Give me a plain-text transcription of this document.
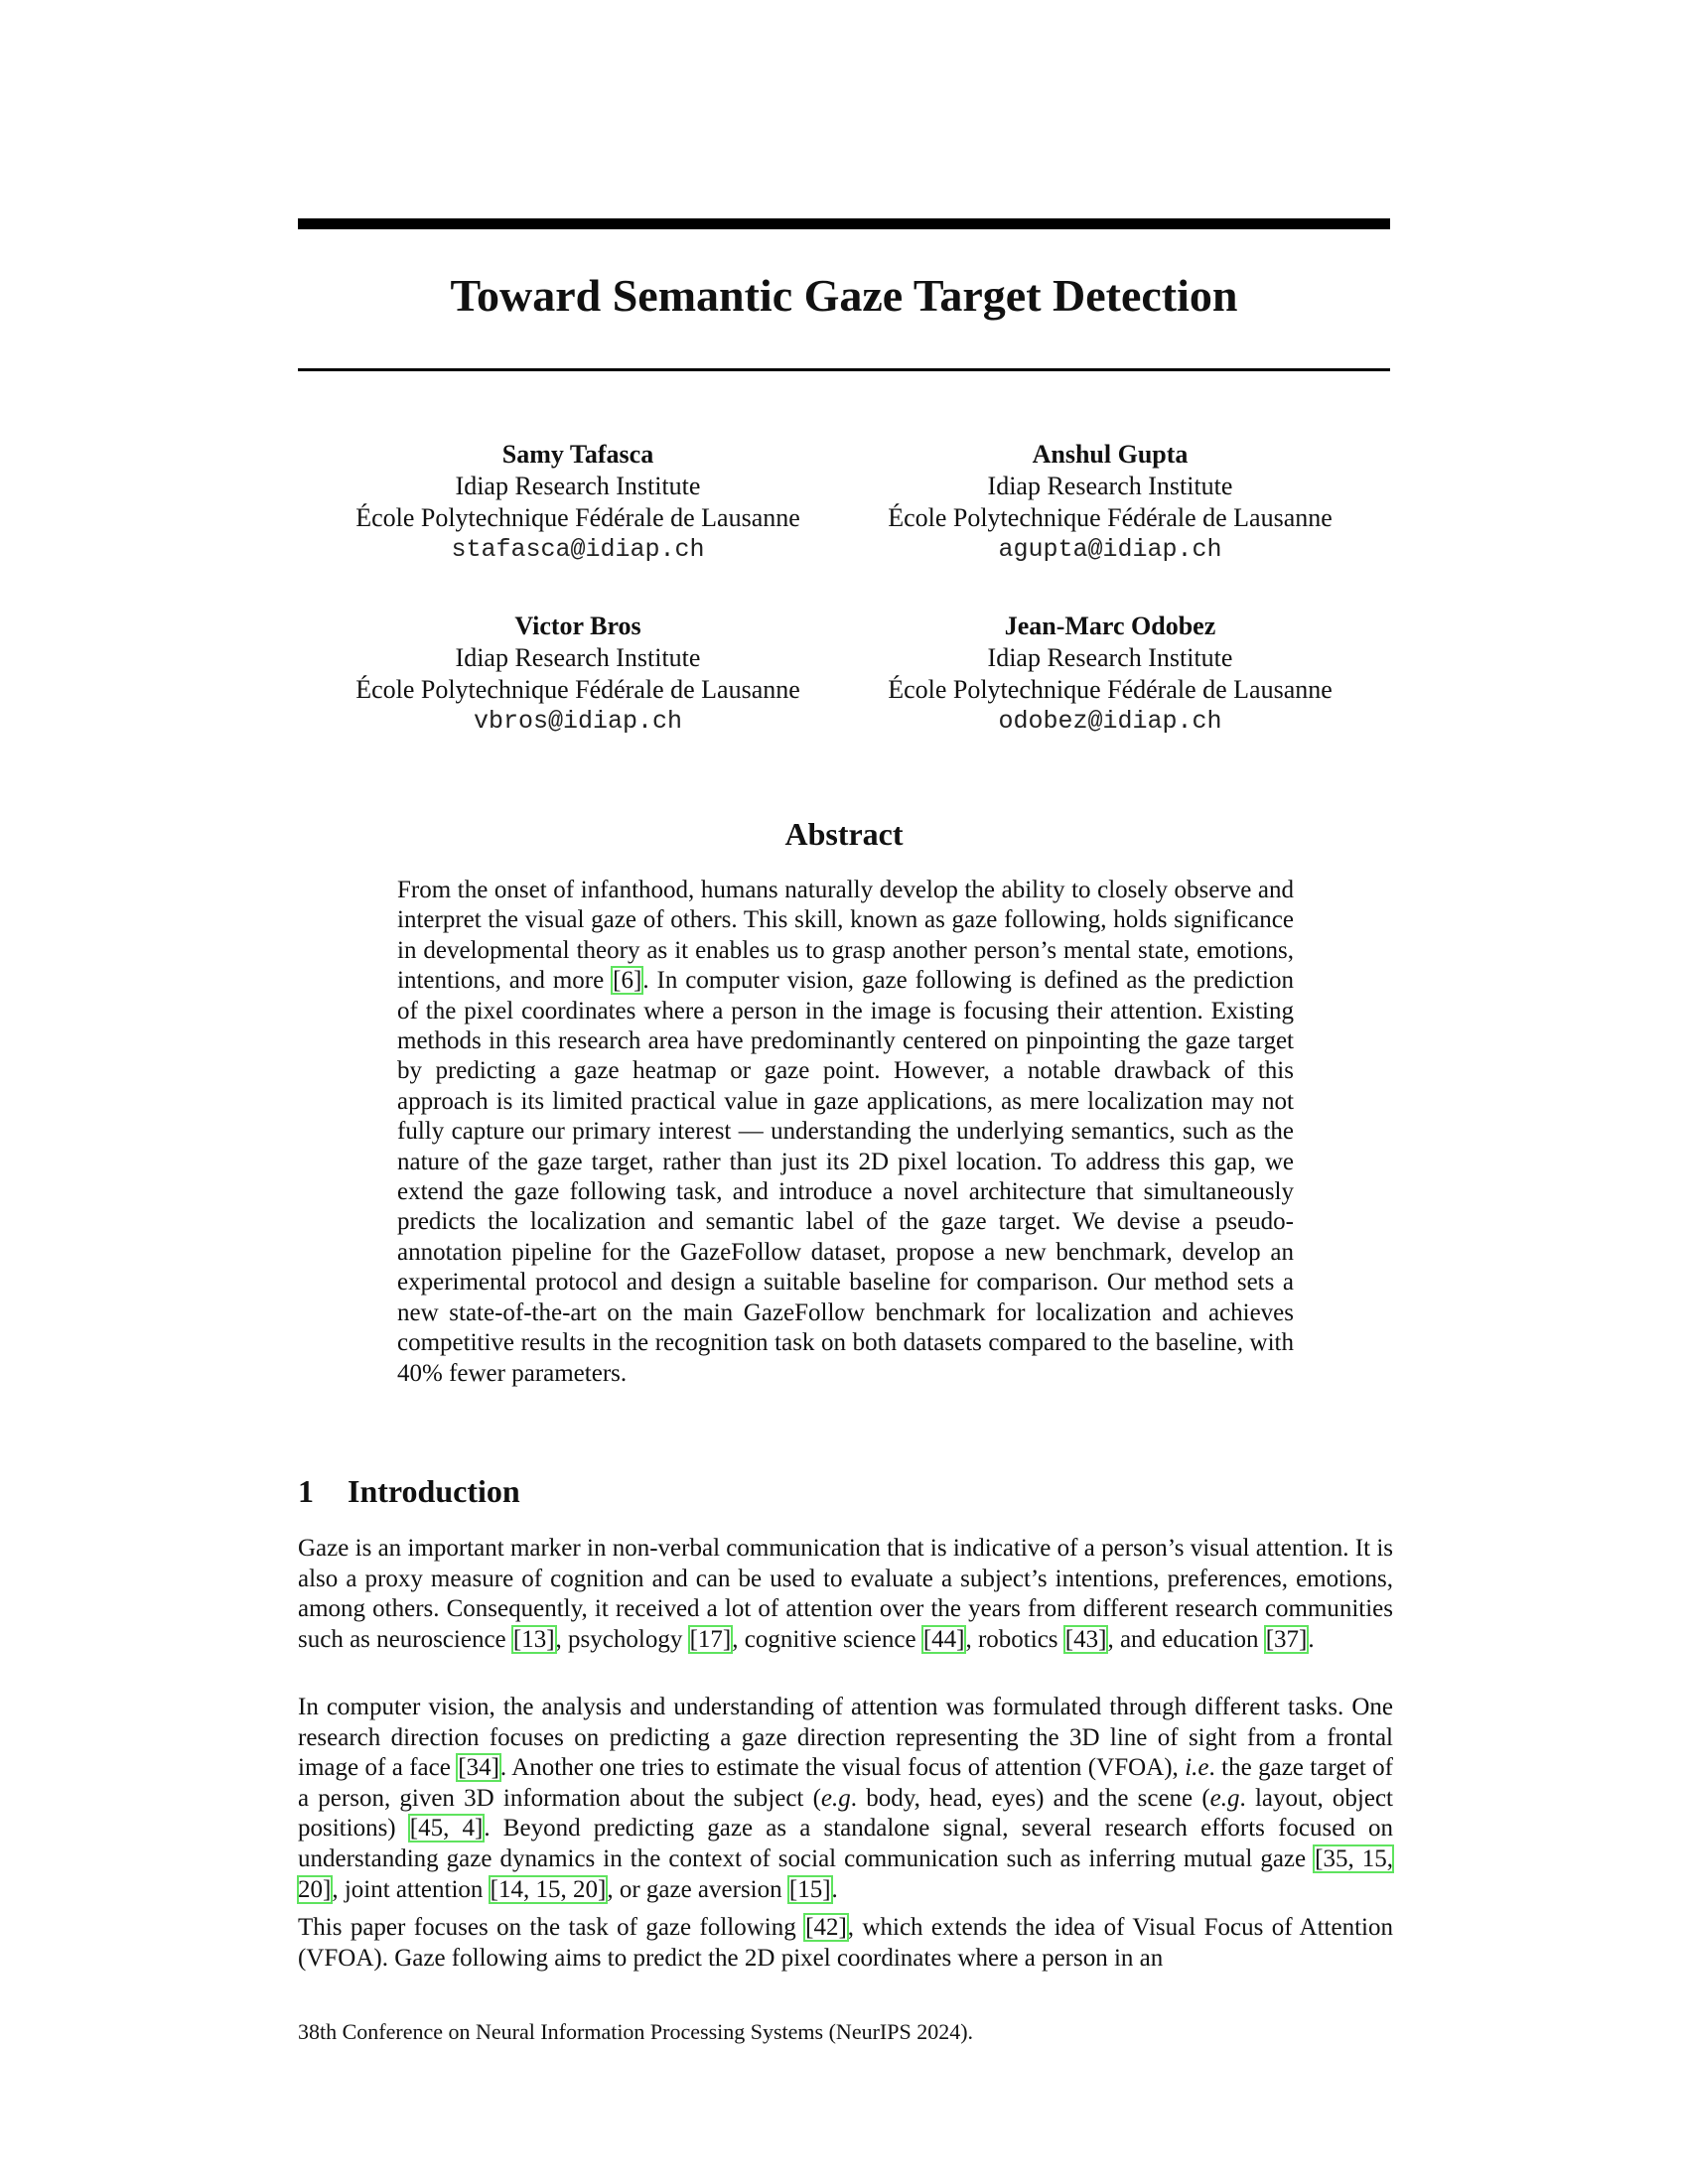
Toward Semantic Gaze Target Detection
Samy Tafasca
Idiap Research Institute
École Polytechnique Fédérale de Lausanne
stafasca@idiap.ch
Anshul Gupta
Idiap Research Institute
École Polytechnique Fédérale de Lausanne
agupta@idiap.ch
Victor Bros
Idiap Research Institute
École Polytechnique Fédérale de Lausanne
vbros@idiap.ch
Jean-Marc Odobez
Idiap Research Institute
École Polytechnique Fédérale de Lausanne
odobez@idiap.ch
Abstract
From the onset of infanthood, humans naturally develop the ability to closely observe and interpret the visual gaze of others. This skill, known as gaze following, holds significance in developmental theory as it enables us to grasp another person’s mental state, emotions, intentions, and more [6]. In computer vision, gaze following is defined as the prediction of the pixel coordinates where a person in the image is focusing their attention. Existing methods in this research area have predominantly centered on pinpointing the gaze target by predicting a gaze heatmap or gaze point. However, a notable drawback of this approach is its limited practical value in gaze applications, as mere localization may not fully capture our primary interest — understanding the underlying semantics, such as the nature of the gaze target, rather than just its 2D pixel location. To address this gap, we extend the gaze following task, and introduce a novel architecture that simultaneously predicts the localization and semantic label of the gaze target. We devise a pseudo-annotation pipeline for the GazeFollow dataset, propose a new benchmark, develop an experimental protocol and design a suitable baseline for comparison. Our method sets a new state-of-the-art on the main GazeFollow benchmark for localization and achieves competitive results in the recognition task on both datasets compared to the baseline, with 40% fewer parameters.
1 Introduction
Gaze is an important marker in non-verbal communication that is indicative of a person’s visual attention. It is also a proxy measure of cognition and can be used to evaluate a subject’s intentions, preferences, emotions, among others. Consequently, it received a lot of attention over the years from different research communities such as neuroscience [13], psychology [17], cognitive science [44], robotics [43], and education [37].
In computer vision, the analysis and understanding of attention was formulated through different tasks. One research direction focuses on predicting a gaze direction representing the 3D line of sight from a frontal image of a face [34]. Another one tries to estimate the visual focus of attention (VFOA), i.e. the gaze target of a person, given 3D information about the subject (e.g. body, head, eyes) and the scene (e.g. layout, object positions) [45, 4]. Beyond predicting gaze as a standalone signal, several research efforts focused on understanding gaze dynamics in the context of social communication such as inferring mutual gaze [35, 15, 20], joint attention [14, 15, 20], or gaze aversion [15].
This paper focuses on the task of gaze following [42], which extends the idea of Visual Focus of Attention (VFOA). Gaze following aims to predict the 2D pixel coordinates where a person in an
38th Conference on Neural Information Processing Systems (NeurIPS 2024).
